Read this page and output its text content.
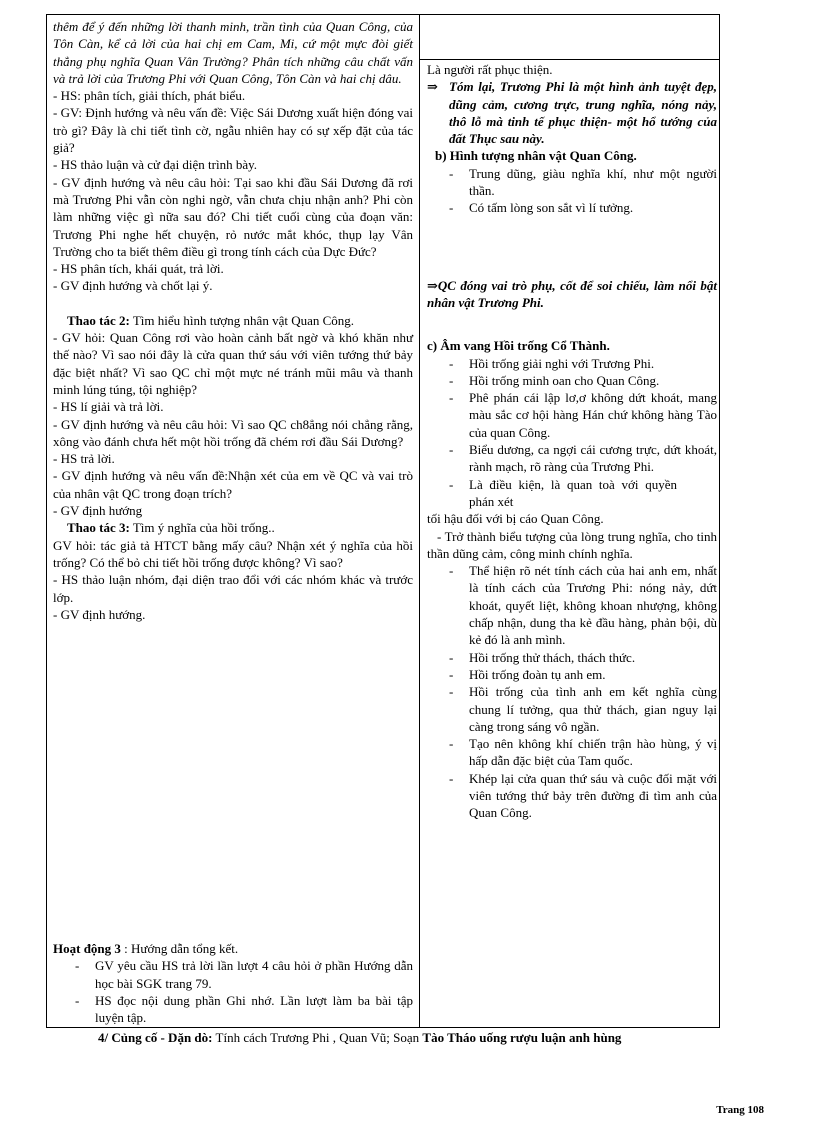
thêm để ý đến những lời thanh minh, trần tình của Quan Công, của Tôn Càn, kể cả lời của hai chị em Cam, Mi, cứ một mực đòi giết thẳng phụ nghĩa Quan Vân Trường? Phân tích những câu chất vấn và trả lời của Trương Phi với Quan Công, Tôn Càn và hai chị dâu.

- HS: phân tích, giải thích, phát biểu.

- GV: Định hướng và nêu vấn đề: Việc Sái Dương xuất hiện đóng vai trò gì? Đây là chi tiết tình cờ, ngẫu nhiên hay có sự xếp đặt của tác giả?

- HS thảo luận và cử đại diện trình bày.

- GV định hướng và nêu câu hỏi: Tại sao khi đầu Sái Dương đã rơi mà Trương Phi vẫn còn nghi ngờ, vẫn chưa chịu nhận anh? Phi còn làm những việc gì nữa sau đó? Chi tiết cuối cùng của đoạn văn: Trương Phi nghe hết chuyện, rỏ nước mắt khóc, thụp lạy Vân Trường cho ta biết thêm điều gì trong tính cách của Dực Đức?

- HS phân tích, khái quát, trả lời.

- GV định hướng và chốt lại ý.

Thao tác 2: Tìm hiểu hình tượng nhân vật Quan Công.

- GV hỏi: Quan Công rơi vào hoàn cảnh bất ngờ và khó khăn như thế nào? Vì sao nói đây là cửa quan thứ sáu với viên tướng thứ bảy đặc biệt nhất? Vì sao QC chỉ một mực né tránh mũi mâu và thanh minh lúng túng, tội nghiệp?

- HS lí giải và trả lời.

- GV định hướng và nêu câu hỏi: Vì sao QC ch8ẳng nói chẳng rằng, xông vào đánh chưa hết một hồi trống đã chém rơi đầu Sái Dương?

- HS trả lời.

- GV định hướng và nêu vấn đề:Nhận xét của em về QC và vai trò của nhân vật QC trong đoạn trích?

- GV định hướng

Thao tác 3: Tìm ý nghĩa của hồi trống..

GV hỏi: tác giả tả HTCT bằng mấy câu? Nhận xét ý nghĩa của hồi trống? Có thể bỏ chi tiết hồi trống được không? Vì sao?

- HS thảo luận nhóm, đại diện trao đổi với các nhóm khác và trước lớp.

- GV định hướng.

Hoạt động 3 : Hướng dẫn tổng kết.

- GV yêu cầu HS trả lời lần lượt 4 câu hỏi ở phần Hướng dẫn học bài SGK trang 79.

- HS đọc nội dung phần Ghi nhớ. Lần lượt làm ba bài tập luyện tập.

Là người rất phục thiện.

⇒ Tóm lại, Trương Phi là một hình ảnh tuyệt đẹp, dũng cảm, cương trực, trung nghĩa, nóng nảy, thô lỗ mà tinh tế phục thiện- một hổ tướng của đất Thục sau này.

b) Hình tượng nhân vật Quan Công.

- Trung dũng, giàu nghĩa khí, như một người thần.

- Có tấm lòng son sắt vì lí tưởng.

⇒QC đóng vai trò phụ, cốt để soi chiếu, làm nổi bật nhân vật Trương Phi.

c) Âm vang Hồi trống Cổ Thành.

- Hồi trống giải nghi với Trương Phi.

- Hồi trống minh oan cho Quan Công.

- Phê phán cái lập lơ,ơ không dứt khoát, mang màu sắc cơ hội hàng Hán chứ không hàng Tào của quan Công.

- Biểu dương, ca ngợi cái cương trực, dứt khoát, rành mạch, rõ ràng của Trương Phi.

- Là điều kiện, là quan toà với quyền phán xét

tối hậu đối với bị cáo Quan Công.

- Trở thành biểu tượng của lòng trung nghĩa, cho tinh thần dũng cảm, công minh chính nghĩa.

- Thể hiện rõ nét tính cách của hai anh em, nhất là tính cách của Trương Phi: nóng nảy, dứt khoát, quyết liệt, không khoan nhượng, không chấp nhận, dung tha kẻ đầu hàng, phản bội, dù kẻ đó là anh mình.

- Hồi trống thử thách, thách thức.

- Hồi trống đoàn tụ anh em.

- Hồi trống của tình anh em kết nghĩa cùng chung lí tưởng, qua thử thách, gian nguy lại càng trong sáng vô ngần.

- Tạo nên không khí chiến trận hào hùng, ý vị hấp dẫn đặc biệt của Tam quốc.

- Khép lại cửa quan thứ sáu và cuộc đối mặt với viên tướng thứ bảy trên đường đi tìm anh của Quan Công.

4/ Củng cố - Dặn dò: Tính cách Trương Phi , Quan Vũ; Soạn Tào Tháo uống rượu luận anh hùng
Trang 108
